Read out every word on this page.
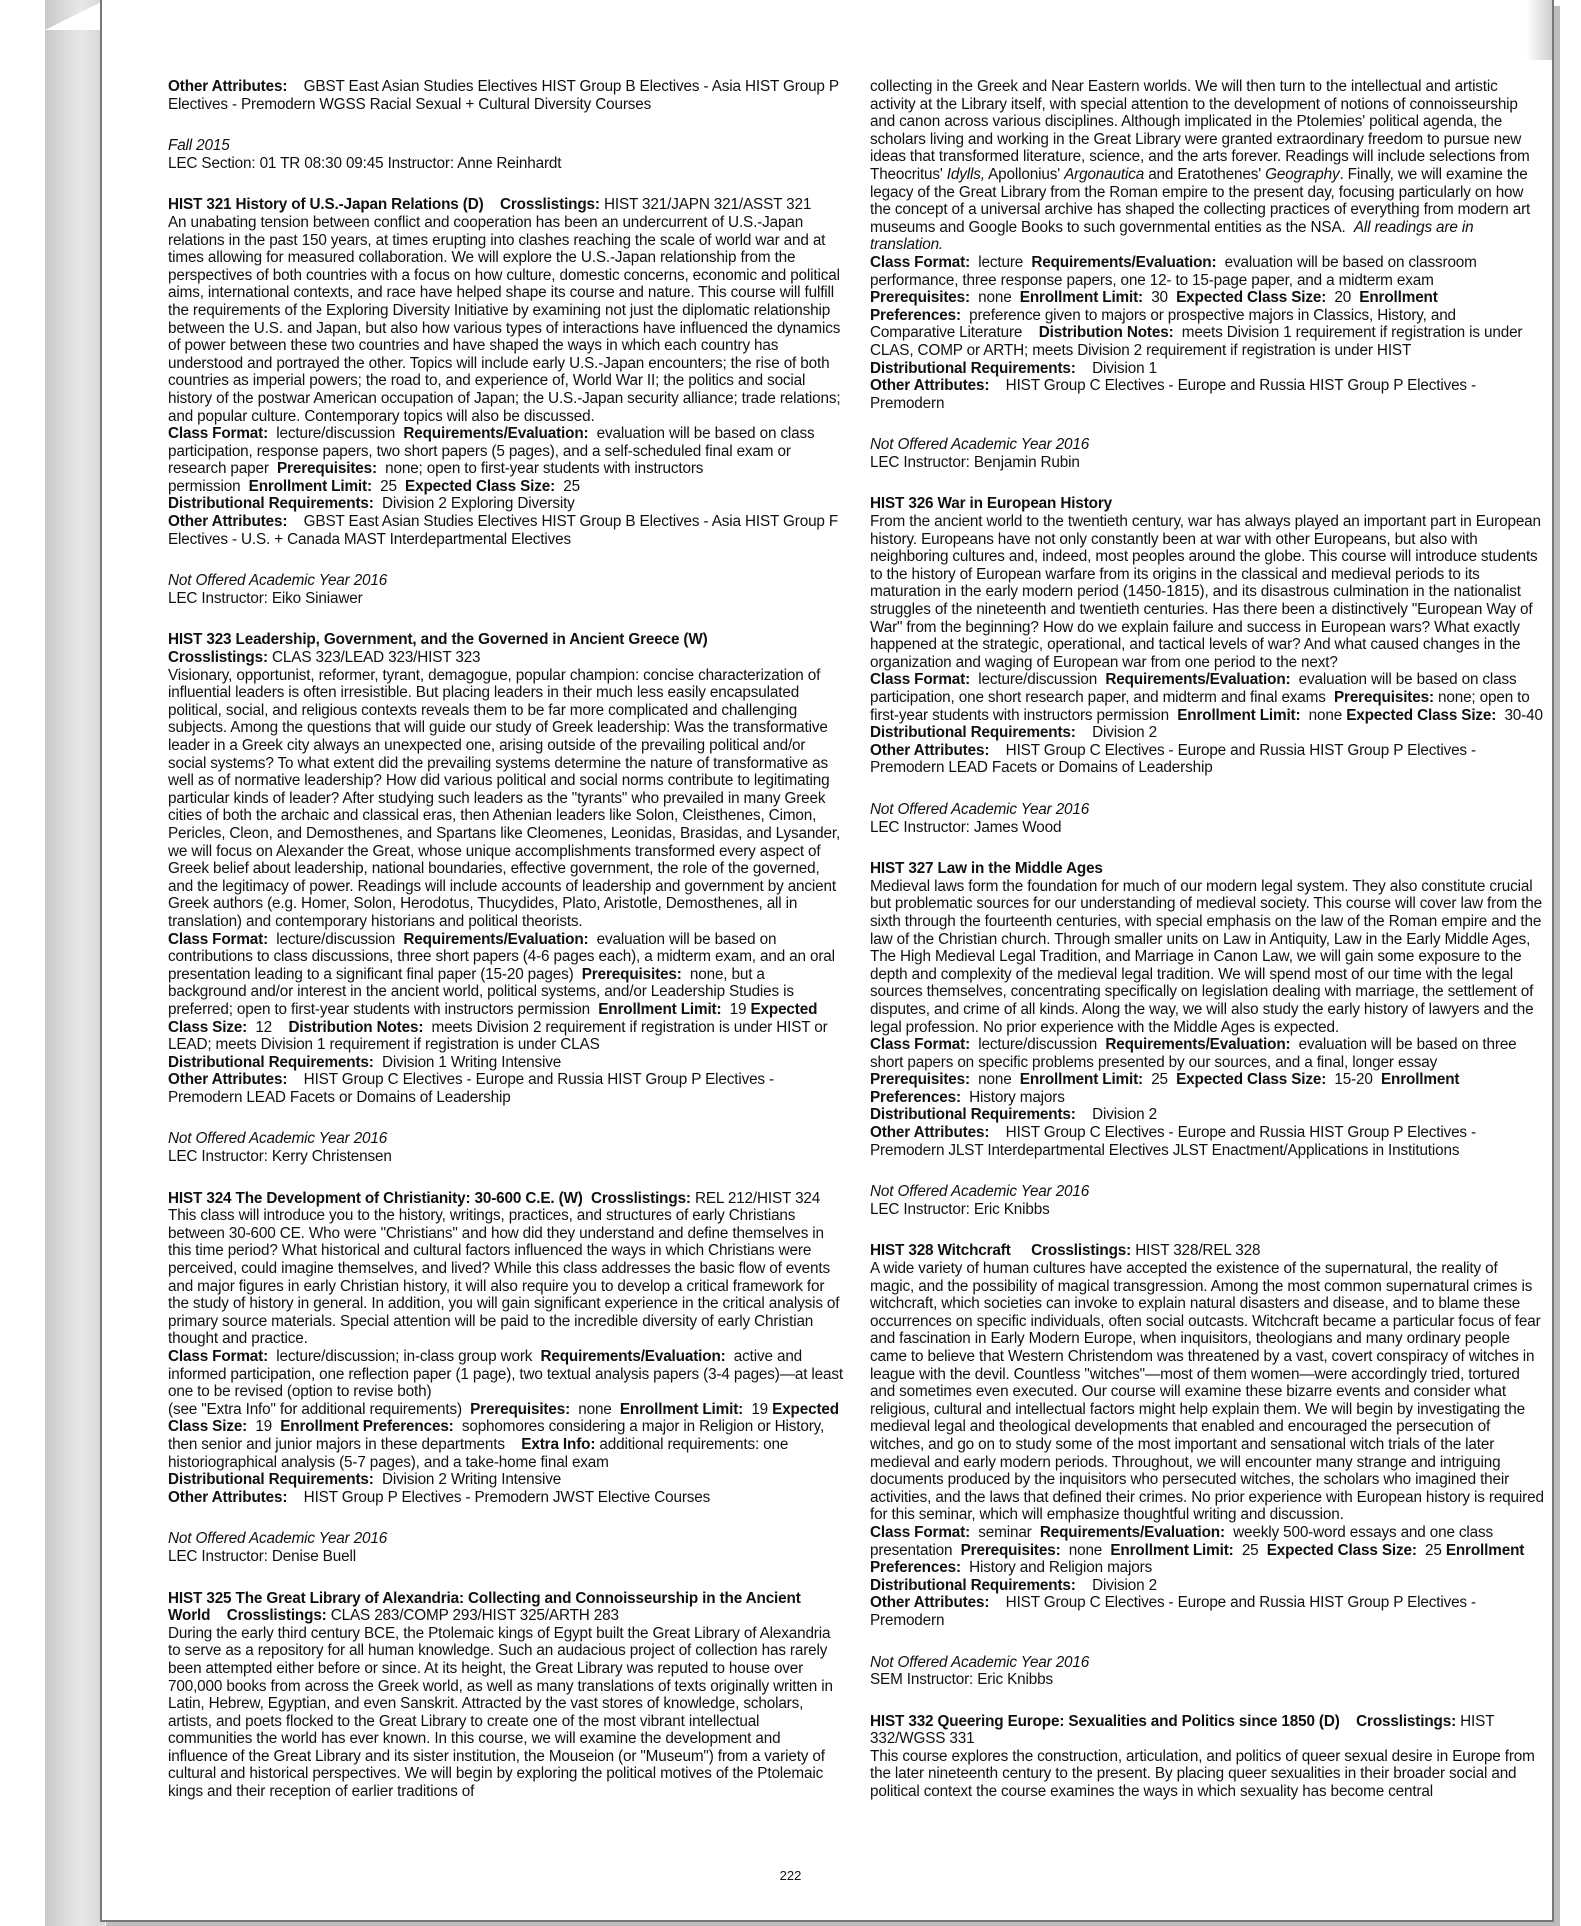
Other Attributes: GBST East Asian Studies Electives HIST Group B Electives - Asia HIST Group P Electives - Premodern WGSS Racial Sexual + Cultural Diversity Courses

Fall 2015

LEC Section: 01 TR 08:30 09:45 Instructor: Anne Reinhardt

HIST 321 History of U.S.-Japan Relations (D) Crosslistings: HIST 321/JAPN 321/ASST 321

An unabating tension between conflict and cooperation has been an undercurrent of U.S.-Japan relations in the past 150 years, at times erupting into clashes reaching the scale of world war and at times allowing for measured collaboration. We will explore the U.S.-Japan relationship from the perspectives of both countries with a focus on how culture, domestic concerns, economic and political aims, international contexts, and race have helped shape its course and nature. This course will fulfill the requirements of the Exploring Diversity Initiative by examining not just the diplomatic relationship between the U.S. and Japan, but also how various types of interactions have influenced the dynamics of power between these two countries and have shaped the ways in which each country has understood and portrayed the other. Topics will include early U.S.-Japan encounters; the rise of both countries as imperial powers; the road to, and experience of, World War II; the politics and social history of the postwar American occupation of Japan; the U.S.-Japan security alliance; trade relations; and popular culture. Contemporary topics will also be discussed.

Class Format: lecture/discussion Requirements/Evaluation: evaluation will be based on class participation, response papers, two short papers (5 pages), and a self-scheduled final exam or research paper Prerequisites: none; open to first-year students with instructors permission Enrollment Limit: 25 Expected Class Size: 25

Distributional Requirements: Division 2 Exploring Diversity

Other Attributes: GBST East Asian Studies Electives HIST Group B Electives - Asia HIST Group F Electives - U.S. + Canada MAST Interdepartmental Electives

Not Offered Academic Year 2016

LEC Instructor: Eiko Siniawer

HIST 323 Leadership, Government, and the Governed in Ancient Greece (W)

Crosslistings: CLAS 323/LEAD 323/HIST 323

Visionary, opportunist, reformer, tyrant, demagogue, popular champion: concise characterization of influential leaders is often irresistible. But placing leaders in their much less easily encapsulated political, social, and religious contexts reveals them to be far more complicated and challenging subjects. Among the questions that will guide our study of Greek leadership: Was the transformative leader in a Greek city always an unexpected one, arising outside of the prevailing political and/or social systems? To what extent did the prevailing systems determine the nature of transformative as well as of normative leadership? How did various political and social norms contribute to legitimating particular kinds of leader? After studying such leaders as the "tyrants" who prevailed in many Greek cities of both the archaic and classical eras, then Athenian leaders like Solon, Cleisthenes, Cimon, Pericles, Cleon, and Demosthenes, and Spartans like Cleomenes, Leonidas, Brasidas, and Lysander, we will focus on Alexander the Great, whose unique accomplishments transformed every aspect of Greek belief about leadership, national boundaries, effective government, the role of the governed, and the legitimacy of power. Readings will include accounts of leadership and government by ancient Greek authors (e.g. Homer, Solon, Herodotus, Thucydides, Plato, Aristotle, Demosthenes, all in translation) and contemporary historians and political theorists.

Class Format: lecture/discussion Requirements/Evaluation: evaluation will be based on contributions to class discussions, three short papers (4-6 pages each), a midterm exam, and an oral presentation leading to a significant final paper (15-20 pages) Prerequisites: none, but a background and/or interest in the ancient world, political systems, and/or Leadership Studies is preferred; open to first-year students with instructors permission Enrollment Limit: 19 Expected Class Size: 12 Distribution Notes: meets Division 2 requirement if registration is under HIST or LEAD; meets Division 1 requirement if registration is under CLAS

Distributional Requirements: Division 1 Writing Intensive

Other Attributes: HIST Group C Electives - Europe and Russia HIST Group P Electives - Premodern LEAD Facets or Domains of Leadership

Not Offered Academic Year 2016

LEC Instructor: Kerry Christensen

HIST 324 The Development of Christianity: 30-600 C.E. (W) Crosslistings: REL 212/HIST 324

This class will introduce you to the history, writings, practices, and structures of early Christians between 30-600 CE. Who were "Christians" and how did they understand and define themselves in this time period? What historical and cultural factors influenced the ways in which Christians were perceived, could imagine themselves, and lived? While this class addresses the basic flow of events and major figures in early Christian history, it will also require you to develop a critical framework for the study of history in general. In addition, you will gain significant experience in the critical analysis of primary source materials. Special attention will be paid to the incredible diversity of early Christian thought and practice.

Class Format: lecture/discussion; in-class group work Requirements/Evaluation: active and informed participation, one reflection paper (1 page), two textual analysis papers (3-4 pages)—at least one to be revised (option to revise both)

(see "Extra Info" for additional requirements) Prerequisites: none Enrollment Limit: 19 Expected Class Size: 19 Enrollment Preferences: sophomores considering a major in Religion or History, then senior and junior majors in these departments Extra Info: additional requirements: one historiographical analysis (5-7 pages), and a take-home final exam

Distributional Requirements: Division 2 Writing Intensive

Other Attributes: HIST Group P Electives - Premodern JWST Elective Courses

Not Offered Academic Year 2016

LEC Instructor: Denise Buell

HIST 325 The Great Library of Alexandria: Collecting and Connoisseurship in the Ancient World Crosslistings: CLAS 283/COMP 293/HIST 325/ARTH 283

During the early third century BCE, the Ptolemaic kings of Egypt built the Great Library of Alexandria to serve as a repository for all human knowledge. Such an audacious project of collection has rarely been attempted either before or since. At its height, the Great Library was reputed to house over 700,000 books from across the Greek world, as well as many translations of texts originally written in Latin, Hebrew, Egyptian, and even Sanskrit. Attracted by the vast stores of knowledge, scholars, artists, and poets flocked to the Great Library to create one of the most vibrant intellectual communities the world has ever known. In this course, we will examine the development and influence of the Great Library and its sister institution, the Mouseion (or "Museum") from a variety of cultural and historical perspectives. We will begin by exploring the political motives of the Ptolemaic kings and their reception of earlier traditions of

collecting in the Greek and Near Eastern worlds. We will then turn to the intellectual and artistic activity at the Library itself, with special attention to the development of notions of connoisseurship and canon across various disciplines. Although implicated in the Ptolemies' political agenda, the scholars living and working in the Great Library were granted extraordinary freedom to pursue new ideas that transformed literature, science, and the arts forever. Readings will include selections from Theocritus' Idylls, Apollonius' Argonautica and Eratothenes' Geography. Finally, we will examine the legacy of the Great Library from the Roman empire to the present day, focusing particularly on how the concept of a universal archive has shaped the collecting practices of everything from modern art museums and Google Books to such governmental entities as the NSA. All readings are in translation.

Class Format: lecture Requirements/Evaluation: evaluation will be based on classroom performance, three response papers, one 12- to 15-page paper, and a midterm exam Prerequisites: none Enrollment Limit: 30 Expected Class Size: 20 Enrollment Preferences: preference given to majors or prospective majors in Classics, History, and Comparative Literature Distribution Notes: meets Division 1 requirement if registration is under CLAS, COMP or ARTH; meets Division 2 requirement if registration is under HIST

Distributional Requirements: Division 1

Other Attributes: HIST Group C Electives - Europe and Russia HIST Group P Electives - Premodern

Not Offered Academic Year 2016

LEC Instructor: Benjamin Rubin

HIST 326 War in European History

From the ancient world to the twentieth century, war has always played an important part in European history. Europeans have not only constantly been at war with other Europeans, but also with neighboring cultures and, indeed, most peoples around the globe. This course will introduce students to the history of European warfare from its origins in the classical and medieval periods to its maturation in the early modern period (1450-1815), and its disastrous culmination in the nationalist struggles of the nineteenth and twentieth centuries. Has there been a distinctively "European Way of War" from the beginning? How do we explain failure and success in European wars? What exactly happened at the strategic, operational, and tactical levels of war? And what caused changes in the organization and waging of European war from one period to the next?

Class Format: lecture/discussion Requirements/Evaluation: evaluation will be based on class participation, one short research paper, and midterm and final exams Prerequisites: none; open to first-year students with instructors permission Enrollment Limit: none Expected Class Size: 30-40

Distributional Requirements: Division 2

Other Attributes: HIST Group C Electives - Europe and Russia HIST Group P Electives - Premodern LEAD Facets or Domains of Leadership

Not Offered Academic Year 2016

LEC Instructor: James Wood

HIST 327 Law in the Middle Ages

Medieval laws form the foundation for much of our modern legal system. They also constitute crucial but problematic sources for our understanding of medieval society. This course will cover law from the sixth through the fourteenth centuries, with special emphasis on the law of the Roman empire and the law of the Christian church. Through smaller units on Law in Antiquity, Law in the Early Middle Ages, The High Medieval Legal Tradition, and Marriage in Canon Law, we will gain some exposure to the depth and complexity of the medieval legal tradition. We will spend most of our time with the legal sources themselves, concentrating specifically on legislation dealing with marriage, the settlement of disputes, and crime of all kinds. Along the way, we will also study the early history of lawyers and the legal profession. No prior experience with the Middle Ages is expected.

Class Format: lecture/discussion Requirements/Evaluation: evaluation will be based on three short papers on specific problems presented by our sources, and a final, longer essay Prerequisites: none Enrollment Limit: 25 Expected Class Size: 15-20 Enrollment Preferences: History majors

Distributional Requirements: Division 2

Other Attributes: HIST Group C Electives - Europe and Russia HIST Group P Electives - Premodern JLST Interdepartmental Electives JLST Enactment/Applications in Institutions

Not Offered Academic Year 2016

LEC Instructor: Eric Knibbs

HIST 328 Witchcraft Crosslistings: HIST 328/REL 328

A wide variety of human cultures have accepted the existence of the supernatural, the reality of magic, and the possibility of magical transgression. Among the most common supernatural crimes is witchcraft, which societies can invoke to explain natural disasters and disease, and to blame these occurrences on specific individuals, often social outcasts. Witchcraft became a particular focus of fear and fascination in Early Modern Europe, when inquisitors, theologians and many ordinary people came to believe that Western Christendom was threatened by a vast, covert conspiracy of witches in league with the devil. Countless "witches"—most of them women—were accordingly tried, tortured and sometimes even executed. Our course will examine these bizarre events and consider what religious, cultural and intellectual factors might help explain them. We will begin by investigating the medieval legal and theological developments that enabled and encouraged the persecution of witches, and go on to study some of the most important and sensational witch trials of the later medieval and early modern periods. Throughout, we will encounter many strange and intriguing documents produced by the inquisitors who persecuted witches, the scholars who imagined their activities, and the laws that defined their crimes. No prior experience with European history is required for this seminar, which will emphasize thoughtful writing and discussion.

Class Format: seminar Requirements/Evaluation: weekly 500-word essays and one class presentation Prerequisites: none Enrollment Limit: 25 Expected Class Size: 25 Enrollment Preferences: History and Religion majors

Distributional Requirements: Division 2

Other Attributes: HIST Group C Electives - Europe and Russia HIST Group P Electives - Premodern

Not Offered Academic Year 2016

SEM Instructor: Eric Knibbs

HIST 332 Queering Europe: Sexualities and Politics since 1850 (D) Crosslistings: HIST 332/WGSS 331

This course explores the construction, articulation, and politics of queer sexual desire in Europe from the later nineteenth century to the present. By placing queer sexualities in their broader social and political context the course examines the ways in which sexuality has become central

222
